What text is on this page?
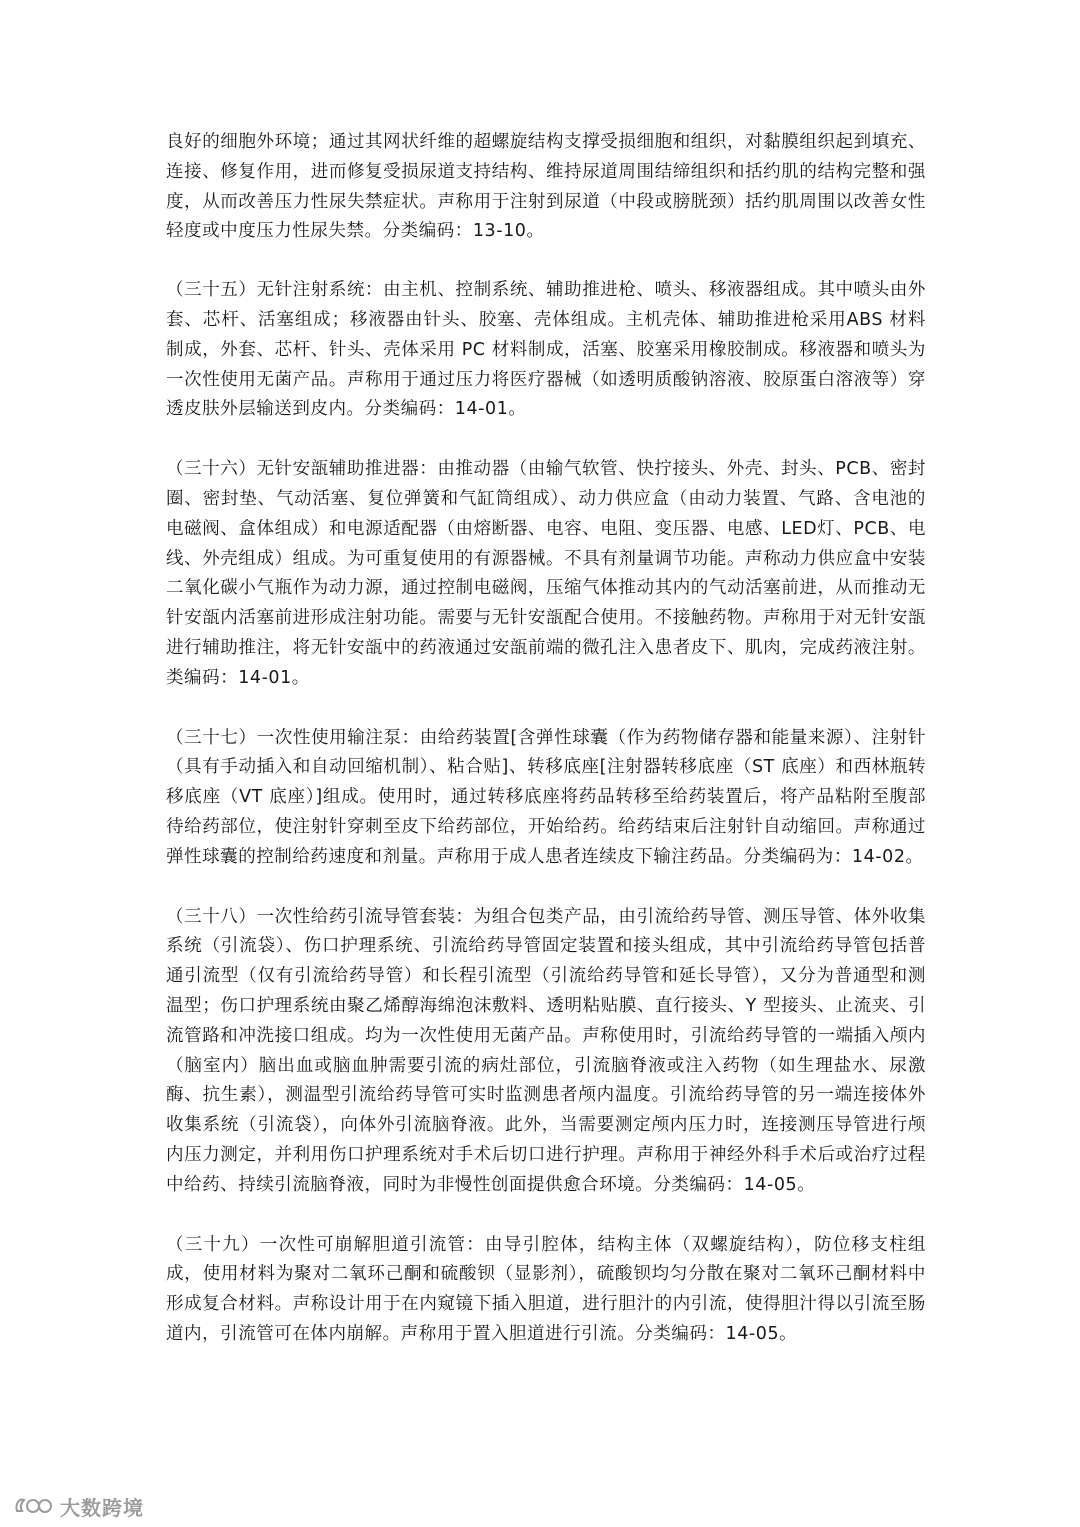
良好的细胞外环境；通过其网状纤维的超螺旋结构支撑受损细胞和组织，对黏膜组织起到填充、连接、修复作用，进而修复受损尿道支持结构、维持尿道周围结缔组织和括约肌的结构完整和强度，从而改善压力性尿失禁症状。声称用于注射到尿道（中段或膀胱颈）括约肌周围以改善女性轻度或中度压力性尿失禁。分类编码：13-10。

（三十五）无针注射系统：由主机、控制系统、辅助推进枪、喷头、移液器组成。其中喷头由外套、芯杆、活塞组成；移液器由针头、胶塞、壳体组成。主机壳体、辅助推进枪采用ABS 材料制成，外套、芯杆、针头、壳体采用 PC 材料制成，活塞、胶塞采用橡胶制成。移液器和喷头为一次性使用无菌产品。声称用于通过压力将医疗器械（如透明质酸钠溶液、胶原蛋白溶液等）穿透皮肤外层输送到皮内。分类编码：14-01。

（三十六）无针安瓿辅助推进器：由推动器（由输气软管、快拧接头、外壳、封头、PCB、密封圈、密封垫、气动活塞、复位弹簧和气缸筒组成）、动力供应盒（由动力装置、气路、含电池的电磁阀、盒体组成）和电源适配器（由熔断器、电容、电阻、变压器、电感、LED灯、PCB、电线、外壳组成）组成。为可重复使用的有源器械。不具有剂量调节功能。声称动力供应盒中安装二氧化碳小气瓶作为动力源，通过控制电磁阀，压缩气体推动其内的气动活塞前进，从而推动无针安瓿内活塞前进形成注射功能。需要与无针安瓿配合使用。不接触药物。声称用于对无针安瓿进行辅助推注，将无针安瓿中的药液通过安瓿前端的微孔注入患者皮下、肌肉，完成药液注射。类编码：14-01。

（三十七）一次性使用输注泵：由给药装置[含弹性球囊（作为药物储存器和能量来源）、注射针（具有手动插入和自动回缩机制）、粘合贴]、转移底座[注射器转移底座（ST 底座）和西林瓶转移底座（VT 底座）]组成。使用时，通过转移底座将药品转移至给药装置后，将产品粘附至腹部待给药部位，使注射针穿刺至皮下给药部位，开始给药。给药结束后注射针自动缩回。声称通过弹性球囊的控制给药速度和剂量。声称用于成人患者连续皮下输注药品。分类编码为：14-02。

（三十八）一次性给药引流导管套装：为组合包类产品，由引流给药导管、测压导管、体外收集系统（引流袋）、伤口护理系统、引流给药导管固定装置和接头组成，其中引流给药导管包括普通引流型（仅有引流给药导管）和长程引流型（引流给药导管和延长导管），又分为普通型和测温型；伤口护理系统由聚乙烯醇海绵泡沫敷料、透明粘贴膜、直行接头、Y 型接头、止流夹、引流管路和冲洗接口组成。均为一次性使用无菌产品。声称使用时，引流给药导管的一端插入颅内（脑室内）脑出血或脑血肿需要引流的病灶部位，引流脑脊液或注入药物（如生理盐水、尿激酶、抗生素），测温型引流给药导管可实时监测患者颅内温度。引流给药导管的另一端连接体外收集系统（引流袋），向体外引流脑脊液。此外，当需要测定颅内压力时，连接测压导管进行颅内压力测定，并利用伤口护理系统对手术后切口进行护理。声称用于神经外科手术后或治疗过程中给药、持续引流脑脊液，同时为非慢性创面提供愈合环境。分类编码：14-05。

（三十九）一次性可崩解胆道引流管：由导引腔体，结构主体（双螺旋结构），防位移支柱组成，使用材料为聚对二氧环己酮和硫酸钡（显影剂），硫酸钡均匀分散在聚对二氧环己酮材料中形成复合材料。声称设计用于在内窥镜下插入胆道，进行胆汁的内引流，使得胆汁得以引流至肠道内，引流管可在体内崩解。声称用于置入胆道进行引流。分类编码：14-05。

大数跨境
